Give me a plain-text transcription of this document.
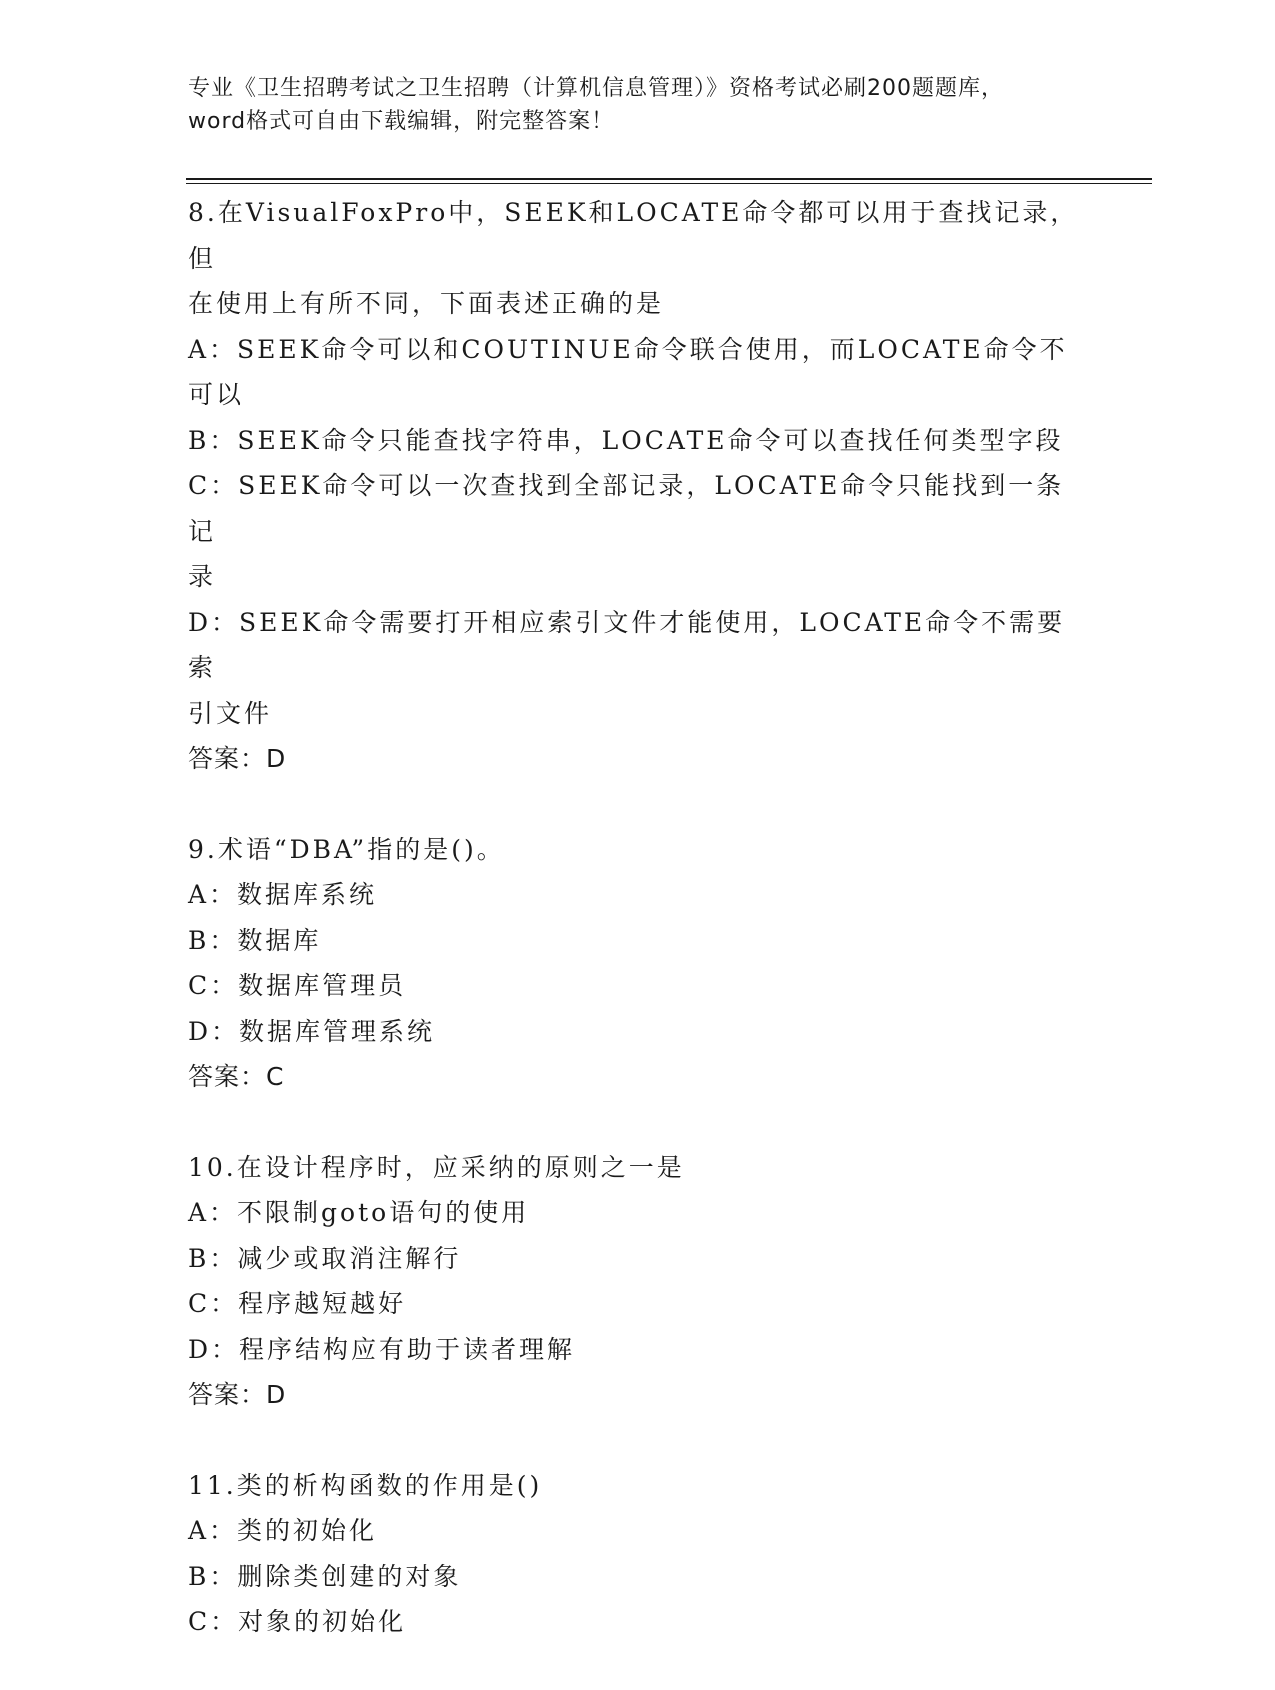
专业《卫生招聘考试之卫生招聘（计算机信息管理）》资格考试必刷200题题库，
word格式可自由下载编辑，附完整答案！
8.在VisualFoxPro中，SEEK和LOCATE命令都可以用于查找记录，但
在使用上有所不同，下面表述正确的是
A：SEEK命令可以和COUTINUE命令联合使用，而LOCATE命令不可以
B：SEEK命令只能查找字符串，LOCATE命令可以查找任何类型字段
C：SEEK命令可以一次查找到全部记录，LOCATE命令只能找到一条记
录
D：SEEK命令需要打开相应索引文件才能使用，LOCATE命令不需要索
引文件
答案：D
9.术语“DBA”指的是()。
A：数据库系统
B：数据库
C：数据库管理员
D：数据库管理系统
答案：C
10.在设计程序时，应采纳的原则之一是
A：不限制goto语句的使用
B：减少或取消注解行
C：程序越短越好
D：程序结构应有助于读者理解
答案：D
11.类的析构函数的作用是()
A：类的初始化
B：删除类创建的对象
C：对象的初始化
